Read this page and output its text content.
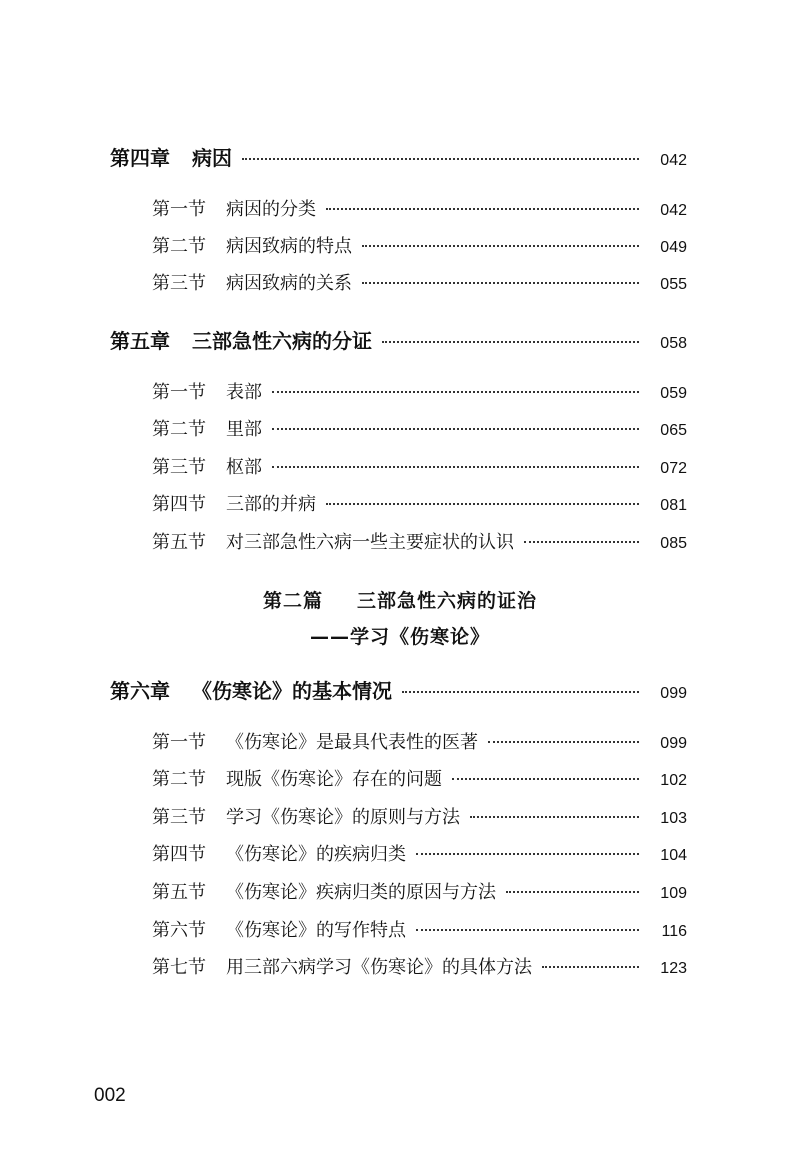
第四章 病因	042
第一节 病因的分类	042
第二节 病因致病的特点	049
第三节 病因致病的关系	055
第五章 三部急性六病的分证	058
第一节 表部	059
第二节 里部	065
第三节 枢部	072
第四节 三部的并病	081
第五节 对三部急性六病一些主要症状的认识	085
第二篇 三部急性六病的证治
——学习《伤寒论》
第六章 《伤寒论》的基本情况	099
第一节 《伤寒论》是最具代表性的医著	099
第二节 现版《伤寒论》存在的问题	102
第三节 学习《伤寒论》的原则与方法	103
第四节 《伤寒论》的疾病归类	104
第五节 《伤寒论》疾病归类的原因与方法	109
第六节 《伤寒论》的写作特点	116
第七节 用三部六病学习《伤寒论》的具体方法	123
002
